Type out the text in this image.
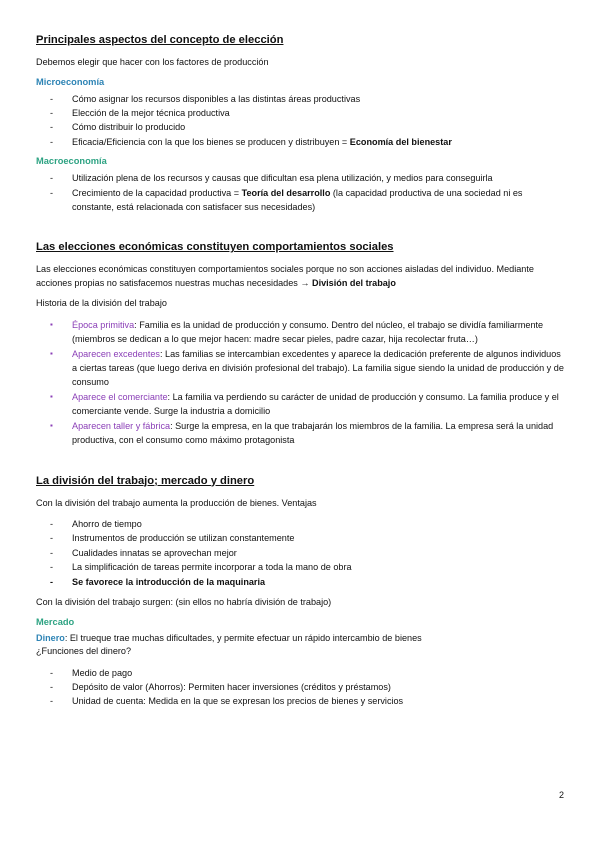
Principales aspectos del concepto de elección
Debemos elegir que hacer con los factores de producción
Microeconomía
- Cómo asignar los recursos disponibles a las distintas áreas productivas
- Elección de la mejor técnica productiva
- Cómo distribuir lo producido
- Eficacia/Eficiencia con la que los bienes se producen y distribuyen = Economía del bienestar
Macroeconomía
- Utilización plena de los recursos y causas que dificultan esa plena utilización, y medios para conseguirla
- Crecimiento de la capacidad productiva = Teoría del desarrollo (la capacidad productiva de una sociedad ni es constante, está relacionada con satisfacer sus necesidades)
Las elecciones económicas constituyen comportamientos sociales
Las elecciones económicas constituyen comportamientos sociales porque no son acciones aisladas del individuo. Mediante acciones propias no satisfacemos nuestras muchas necesidades → División del trabajo
Historia de la división del trabajo
▪ Época primitiva: Familia es la unidad de producción y consumo. Dentro del núcleo, el trabajo se dividía familiarmente (miembros se dedican a lo que mejor hacen: madre secar pieles, padre cazar, hija recolectar fruta…)
▪ Aparecen excedentes: Las familias se intercambian excedentes y aparece la dedicación preferente de algunos individuos a ciertas tareas (que luego deriva en división profesional del trabajo). La familia sigue siendo la unidad de producción y de consumo
▪ Aparece el comerciante: La familia va perdiendo su carácter de unidad de producción y consumo. La familia produce y el comerciante vende. Surge la industria a domicilio
▪ Aparecen taller y fábrica: Surge la empresa, en la que trabajarán los miembros de la familia. La empresa será la unidad productiva, con el consumo como máximo protagonista
La división del trabajo; mercado y dinero
Con la división del trabajo aumenta la producción de bienes. Ventajas
- Ahorro de tiempo
- Instrumentos de producción se utilizan constantemente
- Cualidades innatas se aprovechan mejor
- La simplificación de tareas permite incorporar a toda la mano de obra
- Se favorece la introducción de la maquinaria
Con la división del trabajo surgen: (sin ellos no habría división de trabajo)
Mercado
Dinero: El trueque trae muchas dificultades, y permite efectuar un rápido intercambio de bienes
¿Funciones del dinero?
- Medio de pago
- Depósito de valor (Ahorros): Permiten hacer inversiones (créditos y préstamos)
- Unidad de cuenta: Medida en la que se expresan los precios de bienes y servicios
2
